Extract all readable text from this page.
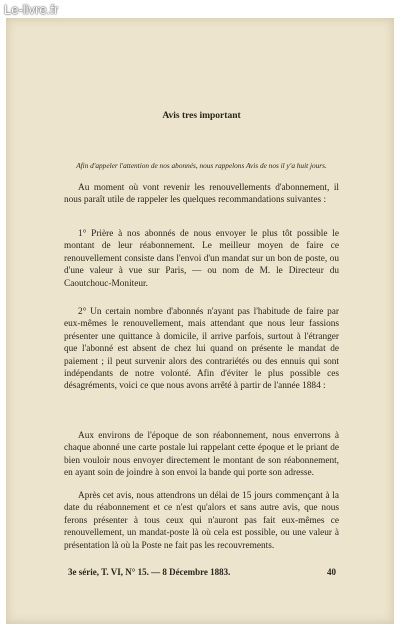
Le-livre.fr
Avis tres important
Afin d'appeler l'attention de nos abonnés, nous rappelons Avis de nos il y'a huit jours.

Au moment où vont revenir les renouvellements d'abonnement, il nous paraît utile de rappeler les quelques recommandations suivantes :

1° Prière à nos abonnés de nous envoyer le plus tôt possible le montant de leur réabonnement. Le meilleur moyen de faire ce renouvellement consiste dans l'envoi d'un mandat sur un bon de poste, ou d'une valeur à vue sur Paris, — ou nom de M. le Directeur du Caoutchouc-Moniteur.

2° Un certain nombre d'abonnés n'ayant pas l'habitude de faire par eux-mêmes le renouvellement, mais attendant que nous leur fassions présenter une quittance à domicile, il arrive parfois, surtout à l'étranger que l'abonné est absent de chez lui quand on présente le mandat de paiement ; il peut survenir alors des contrariétés ou des ennuis qui sont indépendants de notre volonté. Afin d'éviter le plus possible ces désagréments, voici ce que nous avons arrêté à partir de l'année 1884 :

Aux environs de l'époque de son réabonnement, nous enverrons à chaque abonné une carte postale lui rappelant cette époque et le priant de bien vouloir nous envoyer directement le montant de son réabonnement, en ayant soin de joindre à son envoi la bande qui porte son adresse.

Après cet avis, nous attendrons un délai de 15 jours commençant à la date du réabonnement et ce n'est qu'alors et sans autre avis, que nous ferons présenter à tous ceux qui n'auront pas fait eux-mêmes ce renouvellement, un mandat-poste là où cela est possible, ou une valeur à présentation là où la Poste ne fait pas les recouvrements.

3e série, T. VI, N° 15. — 8 Décembre 1883.	40
